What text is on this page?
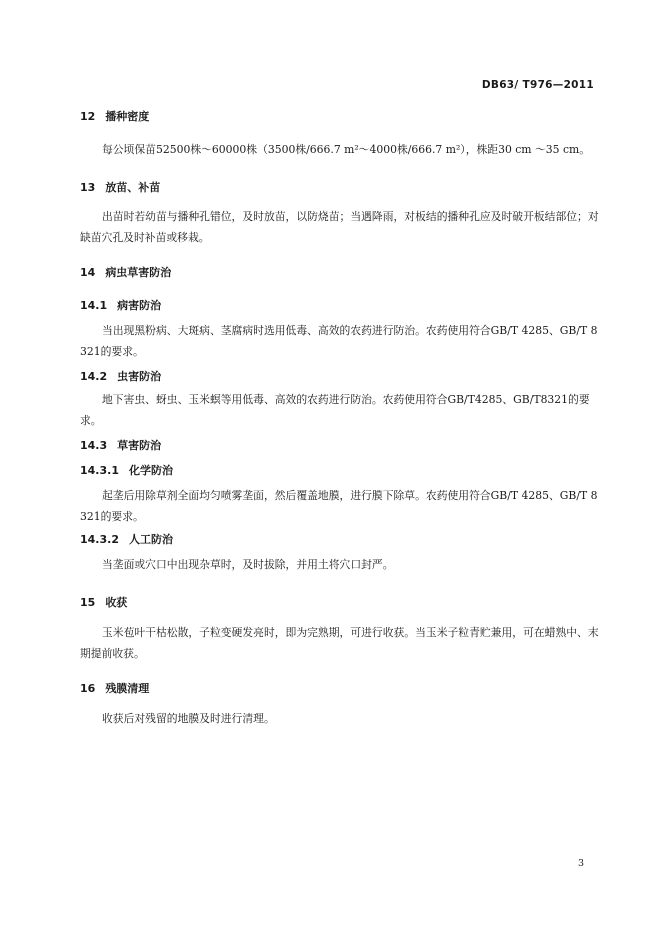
DB63/ T976—2011
12 播种密度
每公顷保苗52500株～60000株（3500株/666.7 m²～4000株/666.7 m²），株距30 cm ～35 cm。
13 放苗、补苗
出苗时若幼苗与播种孔错位，及时放苗，以防烧苗；当遇降雨，对板结的播种孔应及时破开板结部位；对缺苗穴孔及时补苗或移栽。
14 病虫草害防治
14.1 病害防治
当出现黑粉病、大斑病、茎腐病时选用低毒、高效的农药进行防治。农药使用符合GB/T 4285、GB/T 8321的要求。
14.2 虫害防治
地下害虫、蚜虫、玉米螟等用低毒、高效的农药进行防治。农药使用符合GB/T4285、GB/T8321的要求。
14.3 草害防治
14.3.1 化学防治
起垄后用除草剂全面均匀喷雾垄面，然后覆盖地膜，进行膜下除草。农药使用符合GB/T 4285、GB/T 8321的要求。
14.3.2 人工防治
当垄面或穴口中出现杂草时，及时拔除，并用土将穴口封严。
15 收获
玉米苞叶干枯松散，子粒变硬发亮时，即为完熟期，可进行收获。当玉米子粒青贮兼用，可在蜡熟中、末期提前收获。
16 残膜清理
收获后对残留的地膜及时进行清理。
3
